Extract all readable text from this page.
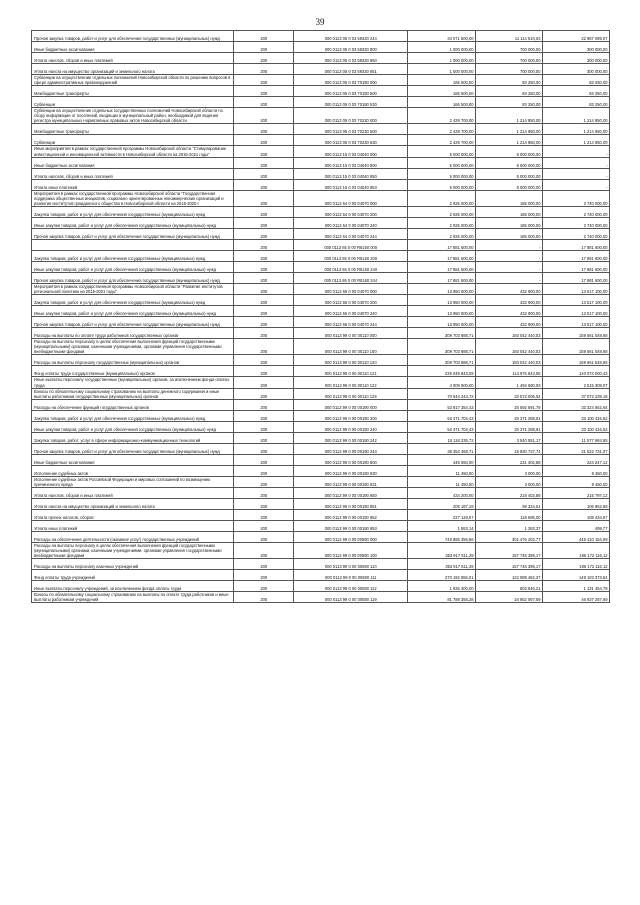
39
Прочая закупка товаров, работ и услуг для обеспечения государственных (муниципальных) нужд	200	000 0113 05 0 03 59330 244	34 071 500,00	11 114 510,63	22 957 089,07
Иные бюджетные ассигнования	200	000 0113 05 0 03 59330 800	1 000 000,00	700 000,00	300 000,00
Уплата налогов, сборов и иных платежей	200	000 0113 05 0 03 59330 850	1 000 000,00	700 000,00	300 000,00
Уплата налога на имущество организаций и земельного налога	200	000 0113 05 0 03 59330 851	1 000 000,00	700 000,00	300 000,00
Субвенции на осуществление отдельных полномочий Новосибирской области по решению вопросов в сфере административных правонарушений	200	000 0113 05 0 03 70190 000	166 500,00	83 250,00	83 250,00
Межбюджетные трансферты	200	000 0113 05 0 03 70190 500	166 500,00	83 250,00	83 250,00
Субвенции	200	000 0113 05 0 03 70190 530	166 500,00	83 250,00	83 250,00
Субвенции на осуществление отдельных государственных полномочий Новосибирской области по сбору информации от поселений, входящих в муниципальный район, необходимой для ведения регистра муниципальных нормативных правовых актов Новосибирской области	200	000 0113 05 0 03 70230 000	2 429 700,00	1 214 850,00	1 214 850,00
Межбюджетные трансферты	200	000 0113 05 0 03 70230 500	2 429 700,00	1 214 850,00	1 214 850,00
Субвенции	200	000 0113 05 0 03 70230 530	2 429 700,00	1 214 850,00	1 214 850,00
Иные мероприятия в рамках государственной программы Новосибирской области "Стимулирование инвестиционной и инновационной активности в Новосибирской области на 2015-2021 годы"	200	000 0113 15 0 03 04040 000	5 000 000,00	5 000 000,00	-
Иные бюджетные ассигнования	200	000 0113 15 0 03 04040 800	5 000 000,00	5 000 000,00	-
Уплата налогов, сборов и иных платежей	200	000 0113 15 0 03 04040 850	5 000 000,00	5 000 000,00	-
Уплата иных платежей	200	000 0113 15 0 03 04040 853	5 000 000,00	5 000 000,00	-
Мероприятия в рамках государственной программы Новосибирской области "Государственная поддержка общественных инициатив, социально ориентированных некоммерческих организаций и развития институтов гражданского общества в Новосибирской области на 2015-2020 г	200	000 0113 64 0 00 04070 000	2 925 000,00	185 000,00	2 740 000,00
Закупка товаров, работ и услуг для обеспечения государственных (муниципальных) нужд	200	000 0113 64 0 00 04070 200	2 925 000,00	185 000,00	2 740 000,00
Иные закупки товаров, работ и услуг для обеспечения государственных (муниципальных) нужд	200	000 0113 64 0 00 04070 240	2 925 000,00	185 000,00	2 740 000,00
Прочая закупка товаров, работ и услуг для обеспечения государственных (муниципальных) нужд	200	000 0113 64 0 00 04070 244	2 925 000,00	185 000,00	2 740 000,00
	200	000 0113 65 0 00 R5160 000	17 881 600,00	-	17 881 600,00
Закупка товаров, работ и услуг для обеспечения государственных (муниципальных) нужд	200	000 0113 65 0 00 R5160 200	17 881 600,00	-	17 881 600,00
Иные закупки товаров, работ и услуг для обеспечения государственных (муниципальных) нужд	200	000 0113 65 0 00 R5160 240	17 881 600,00	-	17 881 600,00
Прочая закупка товаров, работ и услуг для обеспечения государственных (муниципальных) нужд	200	000 0113 65 0 00 R5160 244	17 881 600,00	-	17 881 600,00
Мероприятия в рамках государственной программы Новосибирской области "Развитие институтов региональной политики на 2015-2021 годы"	200	000 0113 66 0 00 04070 000	13 950 000,00	432 900,00	13 517 100,00
Закупка товаров, работ и услуг для обеспечения государственных (муниципальных) нужд	200	000 0113 66 0 00 04070 200	13 950 000,00	432 900,00	13 517 100,00
Иные закупки товаров, работ и услуг для обеспечения государственных (муниципальных) нужд	200	000 0113 66 0 00 04070 240	13 950 000,00	432 900,00	13 517 100,00
Прочая закупка товаров, работ и услуг для обеспечения государственных (муниципальных) нужд	200	000 0113 66 0 00 04070 244	13 950 000,00	432 900,00	13 517 100,00
Расходы на выплаты по оплате труда работников государственных органов	200	000 0113 99 0 00 00110 000	309 703 988,71	150 042 440,03	159 661 548,68
Расходы на выплаты персоналу в целях обеспечения выполнения функций государственными (муниципальными) органами, казенными учреждениями, органами управления государственными внебюджетными фондами	200	000 0113 99 0 00 00110 100	309 703 988,71	150 042 440,03	159 661 548,68
Расходы на выплаты персоналу государственных (муниципальных) органов	200	000 0113 99 0 00 00110 120	309 703 988,71	150 042 440,03	159 661 548,68
Фонд оплаты труда государственных (муниципальных) органов	200	000 0113 99 0 00 00110 121	235 049 843,09	114 975 843,56	120 074 000,43
Иные выплаты персоналу государственных (муниципальных) органов, за исключением фонда оплаты труда	200	000 0113 99 0 00 00110 122	4 009 900,00	1 494 590,93	2 515 309,07
Взносы по обязательному социальному страхованию на выплаты денежного содержания и иные выплаты работникам государственных (муниципальных) органов	200	000 0113 99 0 00 00110 129	70 644 244,72	33 572 005,54	37 072 239,18
Расходы на обеспечение функций государственных органов	200	000 0113 99 0 00 00190 000	53 917 354,43	20 592 691,79	33 324 662,64
Закупка товаров, работ и услуг для обеспечения государственных (муниципальных) нужд	200	000 0113 99 0 00 00190 200	53 471 704,43	20 371 288,91	33 100 415,52
Иные закупки товаров, работ и услуг для обеспечения государственных (муниципальных) нужд	200	000 0113 99 0 00 00190 240	53 471 704,43	20 371 288,91	33 100 415,52
Закупка товаров, работ, услуг в сфере информационно-коммуникационных технологий	200	000 0113 99 0 00 00190 242	15 118 235,72	3 540 551,17	11 577 684,55
Прочая закупка товаров, работ и услуг для обеспечения государственных (муниципальных) нужд	200	000 0113 99 0 00 00190 244	38 353 468,71	16 830 737,74	21 522 731,07
Иные бюджетные ассигнования	200	000 0113 99 0 00 00190 800	445 650,00	221 402,88	224 247,12
Исполнение судебных актов	200	000 0113 99 0 00 00190 830	11 450,00	3 000,00	8 450,00
Исполнение судебных актов Российской Федерации и мировых соглашений по возмещению причиненного вреда	200	000 0113 99 0 00 00190 831	11 450,00	3 000,00	8 450,00
Уплата налогов, сборов и иных платежей	200	000 0113 99 0 00 00190 850	434 200,00	218 402,88	215 797,12
Уплата налога на имущество организаций и земельного налога	200	000 0113 99 0 00 00190 851	205 187,19	98 324,61	106 862,58
Уплата прочих налогов, сборов	200	000 0113 99 0 00 00190 852	227 129,67	118 695,00	108 434,67
Уплата иных платежей	200	000 0113 99 0 00 00190 853	1 883,14	1 383,37	499,77
Расходы на обеспечение деятельности (оказание услуг) государственных учреждений	200	000 0113 99 0 00 00590 000	749 885 356,86	301 476 202,77	448 410 154,09
Расходы на выплаты персоналу в целях обеспечения выполнения функций государственными (муниципальными) органами, казенными учреждениями, органами управления государственными внебюджетными фондами	200	000 0113 99 0 00 00590 100	353 917 511,29	157 745 395,17	196 172 116,12
Расходы на выплаты персоналу казенных учреждений	200	000 0113 99 0 00 00590 110	353 917 511,29	157 745 395,17	196 172 116,12
Фонд оплаты труда учреждений	200	000 0113 99 0 00 00590 111	270 192 856,01	122 089 482,37	148 103 373,64
Иные выплаты персоналу учреждений, за исключением фонда оплаты труда	200	000 0113 99 0 00 00590 112	1 935 300,00	803 845,21	1 131 454,79
Взносы по обязательному социальному страхованию на выплаты по оплате труда работников и иные выплаты работникам учреждений	200	000 0113 99 0 00 00590 119	81 789 355,28	34 852 067,59	46 937 287,69
